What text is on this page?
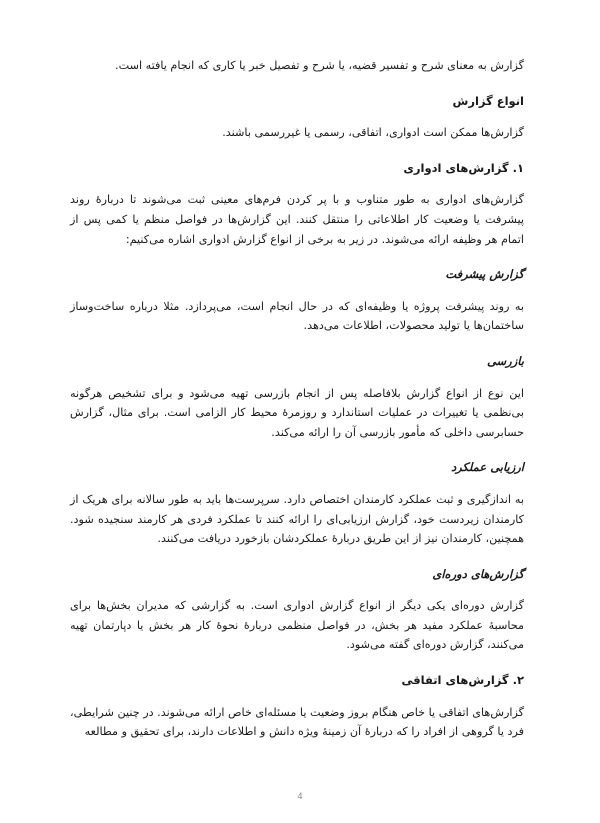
گزارش به معنای شرح و تفسیر قضیه، یا شرح و تفصیل خبر یا کاری که انجام یافته است.

انواع گزارش

گزارش‌ها ممکن است ادواری، اتفاقی، رسمی یا غیررسمی باشند.

۱. گزارش‌های ادواری

گزارش‌های ادواری به طور متناوب و با پر کردن فرم‌های معینی ثبت می‌شوند تا دربارهٔ روند پیشرفت یا وضعیت کار اطلاعاتی را منتقل کنند. این گزارش‌ها در فواصل منظم یا کمی پس از اتمام هر وظیفه ارائه می‌شوند. در زیر به برخی از انواع گزارش ادواری اشاره می‌کنیم:

گزارش پیشرفت

به روند پیشرفت پروژه یا وظیفه‌ای که در حال انجام است، می‌پردازد. مثلا درباره ساخت‌وساز ساختمان‌ها یا تولید محصولات، اطلاعات می‌دهد.

بازرسی

این نوع از انواع گزارش بلافاصله پس از انجام بازرسی تهیه می‌شود و برای تشخیص هرگونه بی‌نظمی یا تغییرات در عملیات استاندارد و روزمرهٔ محیط کار الزامی است. برای مثال، گزارش حسابرسی داخلی که مأمور بازرسی آن را ارائه می‌کند.

ارزیابی عملکرد

به اندازگیری و ثبت عملکرد کارمندان اختصاص دارد. سرپرست‌ها باید به طور سالانه برای هریک از کارمندان زیردست خود، گزارش ارزیابی‌ای را ارائه کنند تا عملکرد فردی هر کارمند سنجیده شود. همچنین، کارمندان نیز از این طریق دربارهٔ عملکردشان بازخورد دریافت می‌کنند.

گزارش‌های دوره‌ای

گزارش دوره‌ای یکی دیگر از انواع گزارش ادواری است. به گزارشی که مدیران بخش‌ها برای محاسبهٔ عملکرد مفید هر بخش، در فواصل منظمی دربارهٔ نحوهٔ کار هر بخش یا دپارتمان تهیه می‌کنند، گزارش دوره‌ای گفته می‌شود.

۲. گزارش‌های اتفاقی

گزارش‌های اتفاقی یا خاص هنگام بروز وضعیت یا مسئله‌ای خاص ارائه می‌شوند. در چنین شرایطی، فرد یا گروهی از افراد را که دربارهٔ آن زمینهٔ ویژه دانش و اطلاعات دارند، برای تحقیق و مطالعه

4
